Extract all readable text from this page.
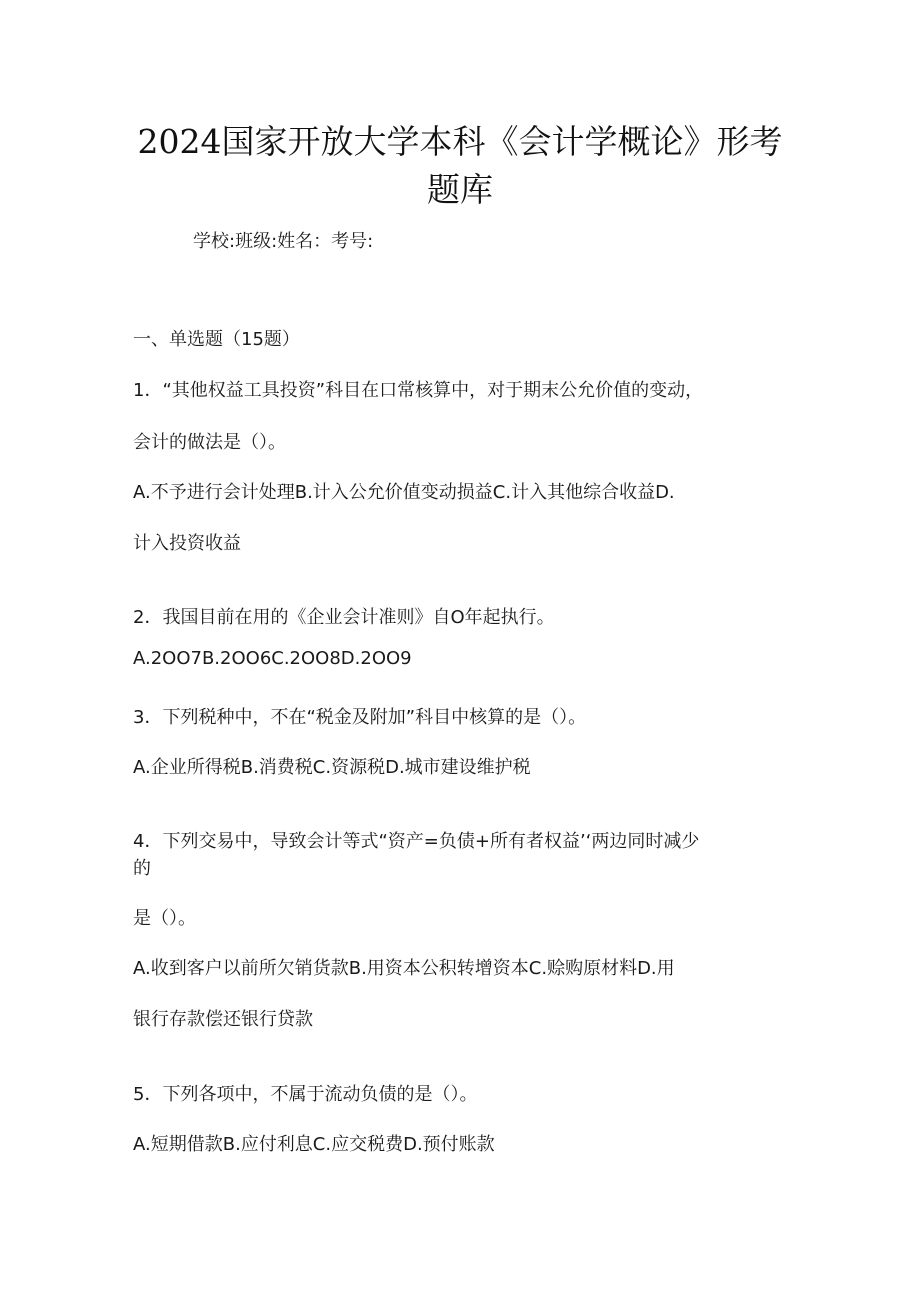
2024国家开放大学本科《会计学概论》形考
题库
学校:班级:姓名：考号:
一、单选题（15题）
1．“其他权益工具投资”科目在口常核算中，对于期末公允价值的变动，
会计的做法是（）。
A.不予进行会计处理B.计入公允价值变动损益C.计入其他综合收益D.
计入投资收益
2．我国目前在用的《企业会计准则》自O年起执行。
A.2OO7B.2OO6C.2OO8D.2OO9
3．下列税种中，不在“税金及附加”科目中核算的是（）。
A.企业所得税B.消费税C.资源税D.城市建设维护税
4．下列交易中，导致会计等式“资产=负债+所有者权益’‘两边同时减少
的
是（）。
A.收到客户以前所欠销货款B.用资本公积转增资本C.赊购原材料D.用
银行存款偿还银行贷款
5．下列各项中，不属于流动负债的是（）。
A.短期借款B.应付利息C.应交税费D.预付账款
